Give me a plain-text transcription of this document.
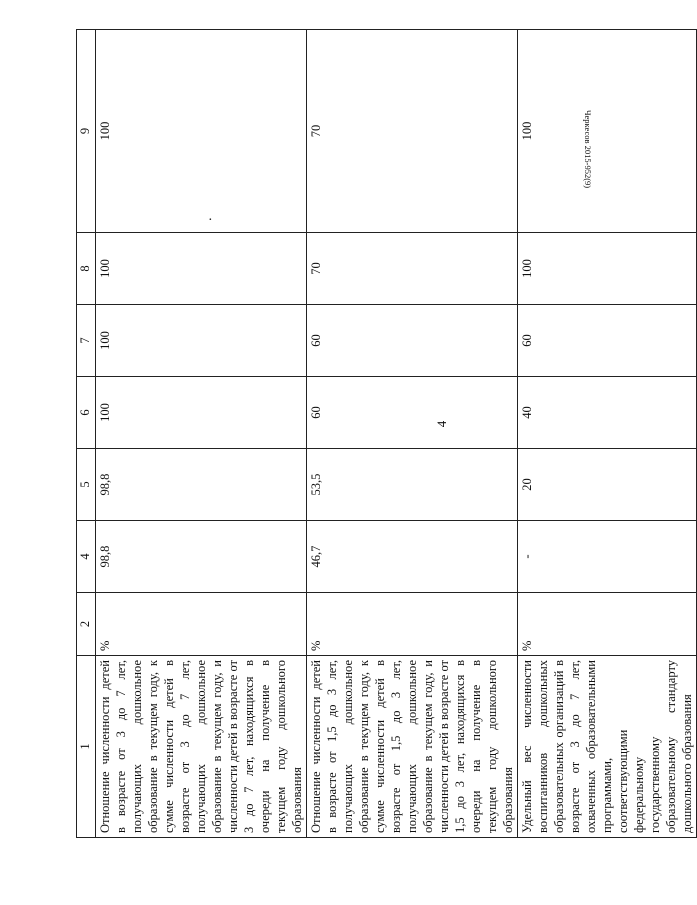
4
·
Черкесов 2015-952(9)
1	2	4	5	6	7	8	9
Отношение численности детей в возрасте от 3 до 7 лет, получающих дошкольное образование в текущем году, к сумме численности детей в возрасте от 3 до 7 лет, получающих дошкольное образование в текущем году, и численности детей в возрасте от 3 до 7 лет, находящихся в очереди на получение в текущем году дошкольного образования	%	98,8	98,8	100	100	100	100
Отношение численности детей в возрасте от 1,5 до 3 лет, получающих дошкольное образование в текущем году, к сумме численности детей в возрасте от 1,5 до 3 лет, получающих дошкольное образование в текущем году, и численности детей в возрасте от 1,5 до 3 лет, находящихся в очереди на получение в текущем году дошкольного образования	%	46,7	53,5	60	60	70	70
Удельный вес численности воспитанников дошкольных образовательных организаций в возрасте от 3 до 7 лет, охваченных образовательными программами, соответствующими федеральному государственному образовательному стандарту дошкольного образования	%	-	20	40	60	100	100
